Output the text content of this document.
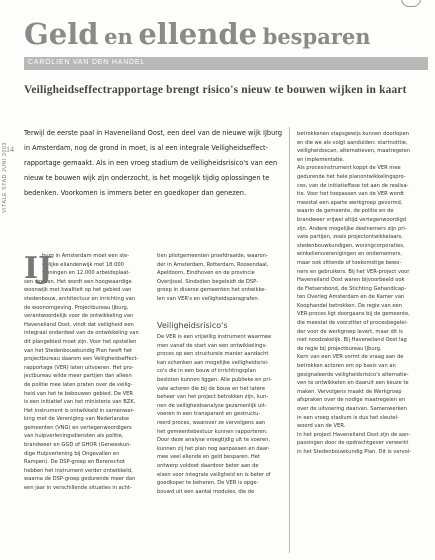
Geld en ellende besparen
CAROLIEN VAN DEN HANDEL
Veiligheidseffectrapportage brengt risico's nieuw te bouwen wijken in kaart
14
VITALE STAD JUNI 2003

Terwijl de eerste paal in Haveneiland Oost, een deel van de nieuwe wijk IJburg

in Amsterdam, nog de grond in moet, is al een integrale Veiligheidseffect-

rapportage gemaakt. Als in een vroeg stadium de veiligheidsrisico's van een

nieuw te bouwen wijk zijn onderzocht, is het mogelijk tijdig oplossingen te

bedenken. Voorkomen is immers beter en goedkoper dan genezen.

IJ

burg in Amsterdam moet een ste-

delijke eilandenwijk met 18.000

woningen en 12.000 arbeidsplaat-

sen worden. Het wordt een hoogwaardige

woonwijk met kwaliteit op het gebied van

stedenbouw, architectuur en inrichting van

de woonomgeving. Projectbureau IJburg,

verantwoordelijk voor de ontwikkeling van

Haveneiland Oost, vindt dat veiligheid een

integraal onderdeel van de ontwikkeling van

dit plangebied moet zijn. Voor het opstellen

van het Stedenbouwkundig Plan heeft het

projectbureau daarom een Veiligheidseffect-

rapportage (VER) laten uitvoeren. Het pro-

jectbureau wilde meer partijen dan alleen

de politie mee laten praten over de veilig-

heid van het te bebouwen gebied. De VER

is een initiatief van het ministerie van BZK.

Het instrument is ontwikkeld in samenwer-

king met de Vereniging van Nederlandse

gemeenten (VNG) en vertegenwoordigers

van hulpverleningsdiensten als politie,

brandweer en GGD of GHOR (Geneeskun-

dige Hulpverlening bij Ongevallen en

Rampen). De DSP-groep en Berenschot

hebben het instrument verder ontwikkeld,

waarna de DSP-groep gedurende meer dan

een jaar in verschillende situaties in acht-

tien pilotgemeenten proefdraaide, waaron-

der in Amsterdam, Rotterdam, Roosendaal,

Apeldoorn, Eindhoven en de provincie

Overijssel. Sindsdien begeleidt de DSP-

groep in diverse gemeenten het ontwikke-

len van VER's en veiligheidsparagrafen.

Veiligheidsrisico's

De VER is een vrijwillig instrument waarmee

men vanaf de start van een ontwikkelings-

proces op een structurele manier aandacht

kan schenken aan mogelijke veiligheidsrisi-

co's die in een bouw of inrichtingsplan

besloten kunnen liggen. Alle publieke en pri-

vate actoren die bij de bouw en het latere

beheer van het project betrokken zijn, kun-

nen de veiligheidsanalyse gezamenlijk uit-

voeren in een transparant en gestructu-

reerd proces, waarover ze vervolgens aan

het gemeentebestuur kunnen rapporteren.

Door deze analyse vroegtijdig uit te voeren,

kunnen zij het plan nog aanpassen en daar-

mee veel ellende en geld besparen. Het

ontwerp voldoet daardoor beter aan de

eisen voor integrale veiligheid en is beter of

goedkoper te beheren. De VER is opge-

bouwd uit een aantal modules, die de

betrokkenen stapsgewijs kunnen doorlopen

en die we als volgt aanduiden: startnotitie,

veiligheidsscan, alternatieven, maatregelen

en implementatie.

Als procesinstrument koppt de VER mee

gedurende het hele planontwikkelingspro-

ces, van de initiatieffase tot aan de realisa-

tie. Voor het toepassen van de VER wordt

meestal een aparte werkgroep gevormd,

waarin de gemeente, de politie en de

brandweer vrijwel altijd vertegenwoordigd

zijn. Andere mogelijke deelnemers zijn pri-

vate partijen, zoals projectontwikkelaars,

stedenbouwkundigen, woningcorporaties,

winkeliersverenigingen en ondernemers,

maar ook zittende of toekomstige bewo-

ners en gebruikers. Bij het VER-project voor

Haveneiland Oost waren bijvoorbeeld ook

de Fietsersbond, de Stichting Gehandicap-

ten Overleg Amsterdam en de Kamer van

Koophandel betrokken. De regie van een

VER-proces ligt doorgaans bij de gemeente,

die meestal de voorzitter of procesbegelei-

der voor de werkgroep levert, maar dit is

niet noodzakelijk. Bij Haveneiland Oost lag

de regie bij projectbureau IJburg.

Kern van een VER vormt de vraag aan de

betrokken actoren om op basis van an

gesignaleerde veiligheidsrisico's alternatie-

ven te ontwikkelen en daaruit een keuze te

maken. Vervolgens maakt de Werkgroep

afspraken over de nodige maatregelen en

over de uitvoering daarvan. Samenwerken

in een vroeg stadium is dus het sleutel-

woord van de VER.

In het project Haveneiland Oost zijn de aan-

passingen door de opdrachtgever verwerkt

in het Stedenbouwkundig Plan. Dit is vervol-
